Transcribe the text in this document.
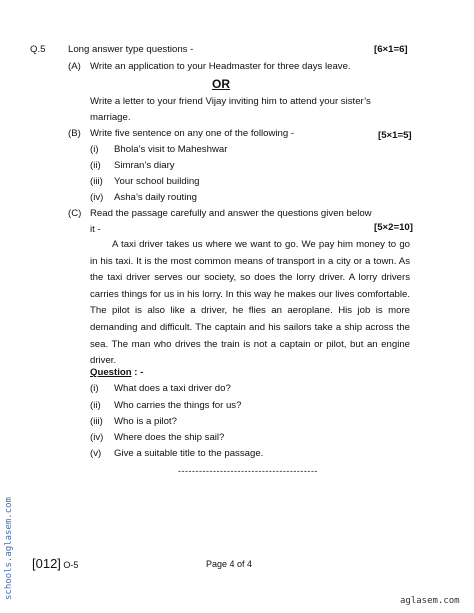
Q.5 Long answer type questions -	[6×1=6]
(A) Write an application to your Headmaster for three days leave.
OR
Write a letter to your friend Vijay inviting him to attend your sister’s
marriage.
(B) Write five sentence on any one of the following -	[5×1=5]
(i) Bhola’s visit to Maheshwar
(ii) Simran’s diary
(iii) Your school building
(iv) Asha’s daily routing
(C) Read the passage carefully and answer the questions given below
it -	[5×2=10]
A taxi driver takes us where we want to go. We pay him money to go in his taxi. It is the most common means of transport in a city or a town. As the taxi driver serves our society, so does the lorry driver. A lorry drivers carries things for us in his lorry. In this way he makes our lives comfortable. The pilot is also like a driver, he flies an aeroplane. His job is more demanding and difficult. The captain and his sailors take a ship across the sea. The man who drives the train is not a captain or pilot, but an engine driver.
Question : -
(i) What does a taxi driver do?
(ii) Who carries the things for us?
(iii) Who is a pilot?
(iv) Where does the ship sail?
(v) Give a suitable title to the passage.
----------------------------------------
schools.aglasem.com [012] O-5	Page 4 of 4
aglasem.com
